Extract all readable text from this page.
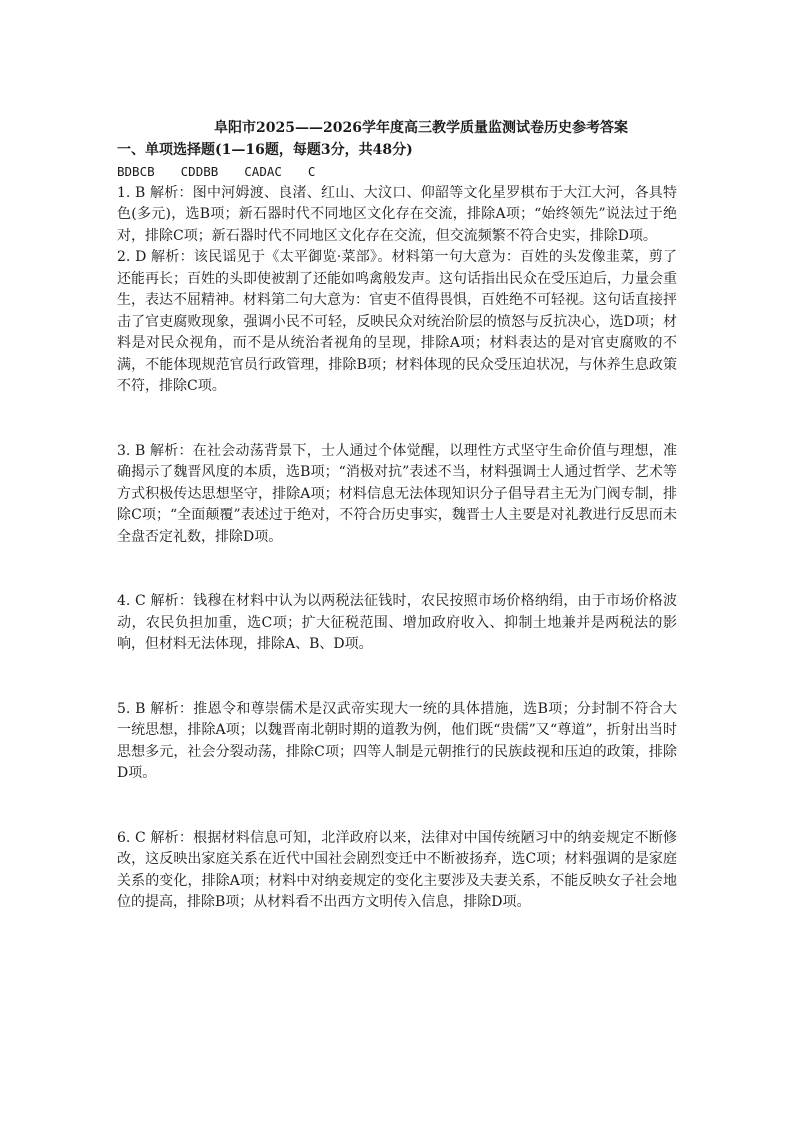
阜阳市2025——2026学年度高三教学质量监测试卷历史参考答案

一、单项选择题(1—16题，每题3分，共48分)

BDBCB CDDBB CADAC C

1. B 解析：图中河姆渡、良渚、红山、大汶口、仰韶等文化星罗棋布于大江大河，各具特色(多元)，选B项；新石器时代不同地区文化存在交流，排除A项；“始终领先”说法过于绝对，排除C项；新石器时代不同地区文化存在交流，但交流频繁不符合史实，排除D项。

2. D 解析：该民谣见于《太平御览·菜部》。材料第一句大意为：百姓的头发像韭菜，剪了还能再长；百姓的头即使被割了还能如鸣禽般发声。这句话指出民众在受压迫后，力量会重生，表达不屈精神。材料第二句大意为：官吏不值得畏惧，百姓绝不可轻视。这句话直接抨击了官吏腐败现象，强调小民不可轻，反映民众对统治阶层的愤怒与反抗决心，选D项；材料是对民众视角，而不是从统治者视角的呈现，排除A项；材料表达的是对官吏腐败的不满，不能体现规范官员行政管理，排除B项；材料体现的民众受压迫状况，与休养生息政策不符，排除C项。

3. B 解析：在社会动荡背景下，士人通过个体觉醒，以理性方式坚守生命价值与理想，准确揭示了魏晋风度的本质，选B项；“消极对抗”表述不当，材料强调士人通过哲学、艺术等方式积极传达思想坚守，排除A项；材料信息无法体现知识分子倡导君主无为门阀专制，排除C项；“全面颠覆”表述过于绝对，不符合历史事实，魏晋士人主要是对礼教进行反思而未全盘否定礼数，排除D项。

4. C 解析：钱穆在材料中认为以两税法征钱时，农民按照市场价格纳绢，由于市场价格波动，农民负担加重，选C项；扩大征税范围、增加政府收入、抑制土地兼并是两税法的影响，但材料无法体现，排除A、B、D项。

5. B 解析：推恩令和尊崇儒术是汉武帝实现大一统的具体措施，选B项；分封制不符合大一统思想，排除A项；以魏晋南北朝时期的道教为例，他们既“贵儒”又“尊道”，折射出当时思想多元，社会分裂动荡，排除C项；四等人制是元朝推行的民族歧视和压迫的政策，排除D项。

6. C 解析：根据材料信息可知，北洋政府以来，法律对中国传统陋习中的纳妾规定不断修改，这反映出家庭关系在近代中国社会剧烈变迁中不断被扬弃，选C项；材料强调的是家庭关系的变化，排除A项；材料中对纳妾规定的变化主要涉及夫妻关系，不能反映女子社会地位的提高，排除B项；从材料看不出西方文明传入信息，排除D项。
